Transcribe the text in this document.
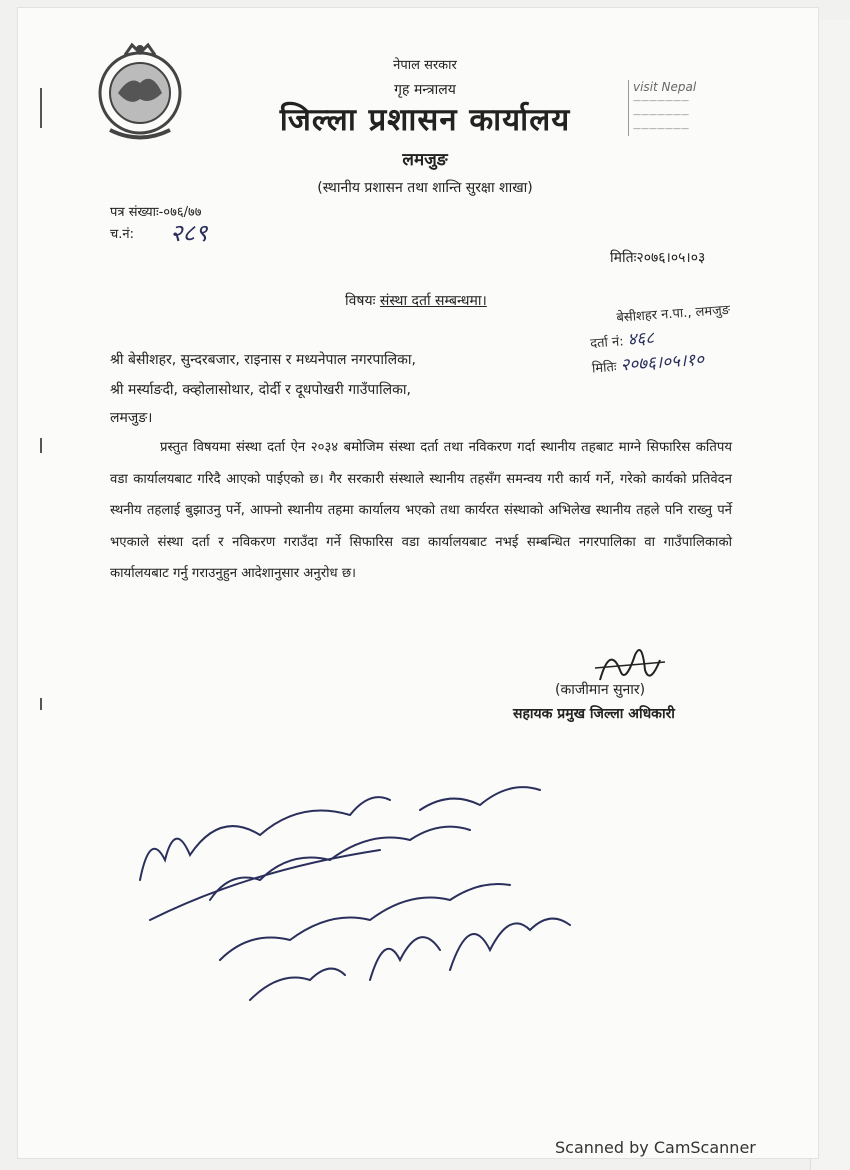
नेपाल सरकार
गृह मन्त्रालय
जिल्ला प्रशासन कार्यालय
लमजुङ
(स्थानीय प्रशासन तथा शान्ति सुरक्षा शाखा)
visit Nepal
———————
———————
———————
पत्र संख्याः-०७६/७७
च.नं: २८९
मितिः२०७६।०५।०३
विषयः संस्था दर्ता सम्बन्धमा।
बेसीशहर न.पा., लमजुङ
दर्ता नं: ४६८
मितिः २०७६।०५।१०
श्री बेसीशहर, सुन्दरबजार, राइनास र मध्यनेपाल नगरपालिका,
श्री मर्स्याङदी, क्व्होलासोथार, दोर्दी र दूधपोखरी गाउँपालिका,
लमजुङ।
प्रस्तुत विषयमा संस्था दर्ता ऐन २०३४ बमोजिम संस्था दर्ता तथा नविकरण गर्दा स्थानीय तहबाट माग्ने सिफारिस कतिपय वडा कार्यालयबाट गरिदै आएको पाईएको छ। गैर सरकारी संस्थाले स्थानीय तहसँग समन्वय गरी कार्य गर्ने, गरेको कार्यको प्रतिवेदन स्थनीय तहलाई बुझाउनु पर्ने, आफ्नो स्थानीय तहमा कार्यालय भएको तथा कार्यरत संस्थाको अभिलेख स्थानीय तहले पनि राख्नु पर्ने भएकाले संस्था दर्ता र नविकरण गराउँदा गर्ने सिफारिस वडा कार्यालयबाट नभई सम्बन्धित नगरपालिका वा गाउँपालिकाको कार्यालयबाट गर्नु गराउनुहुन आदेशानुसार अनुरोध छ।
(काजीमान सुनार)
सहायक प्रमुख जिल्ला अधिकारी
Scanned by CamScanner
